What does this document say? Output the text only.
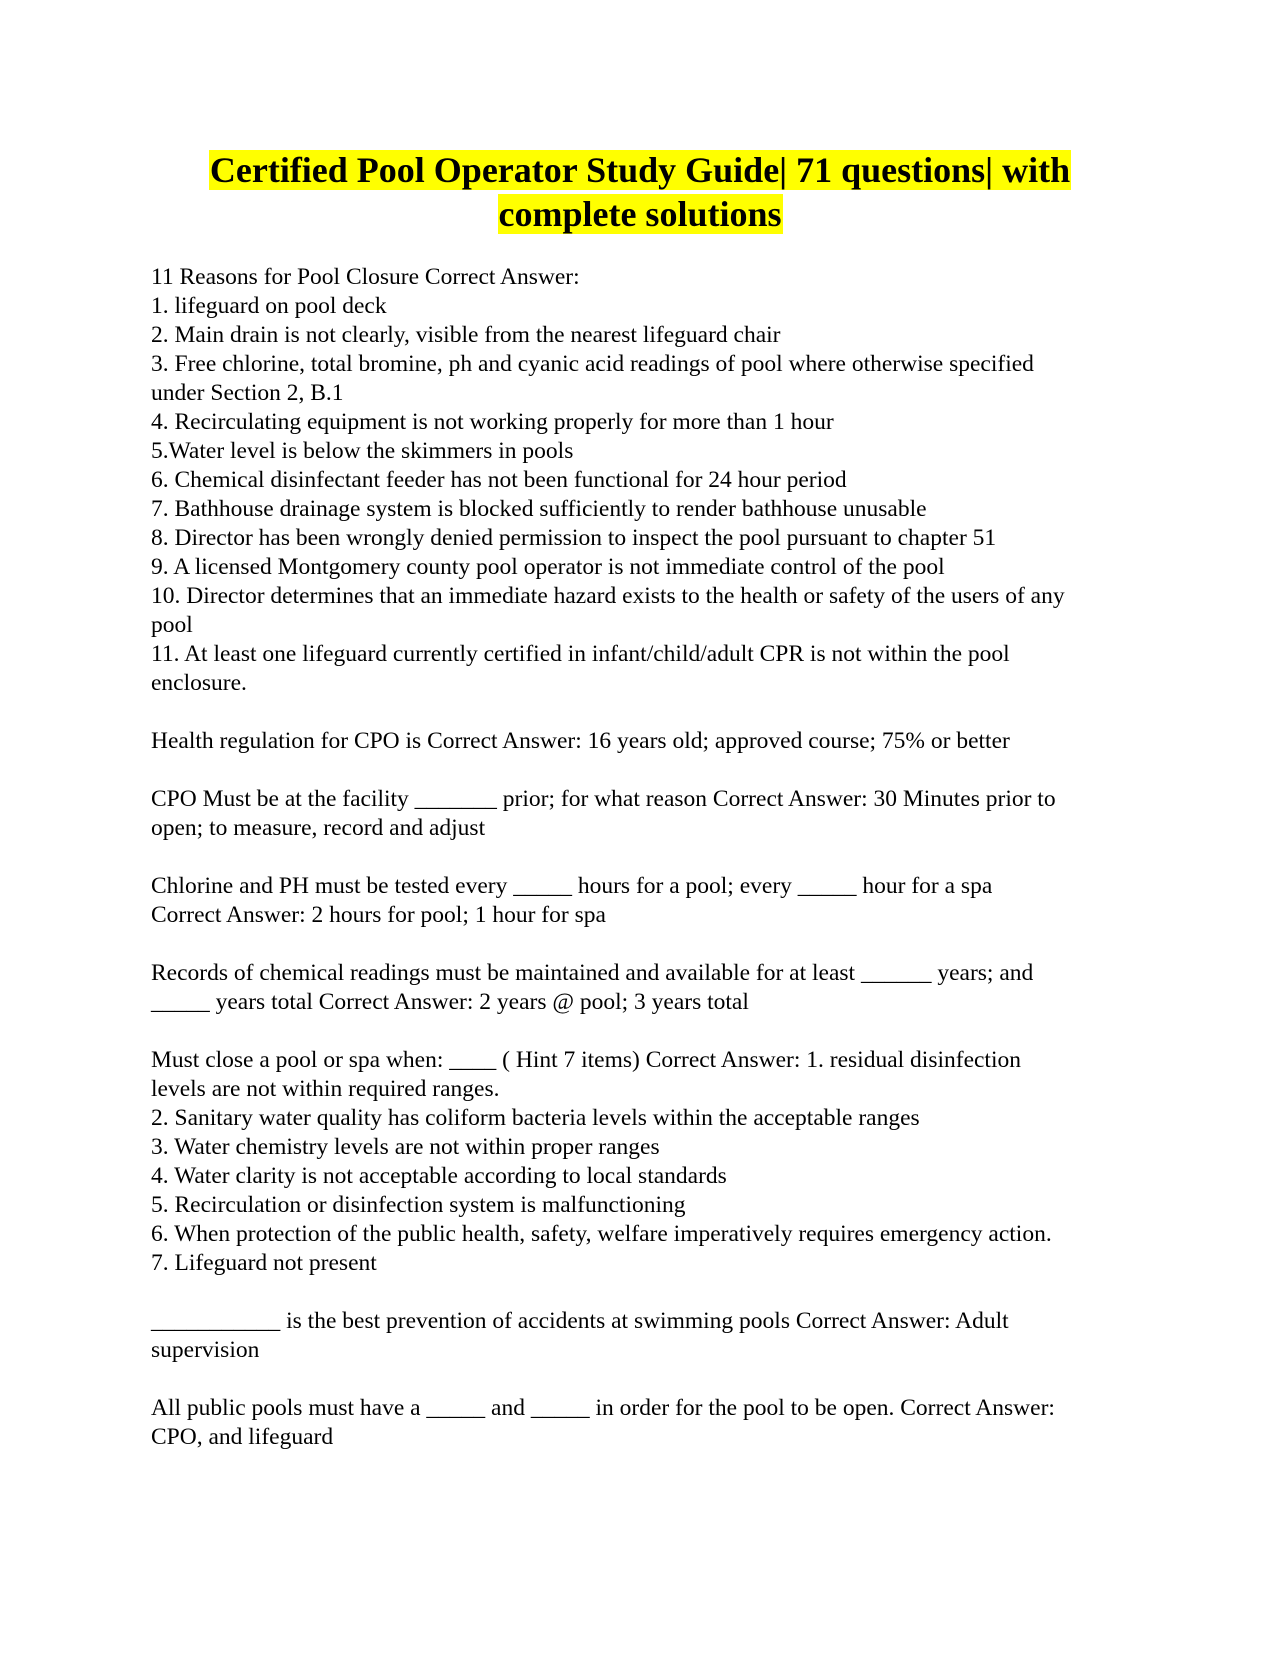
Certified Pool Operator Study Guide| 71 questions| with
complete solutions
11 Reasons for Pool Closure Correct Answer:
1. lifeguard on pool deck
2. Main drain is not clearly, visible from the nearest lifeguard chair
3. Free chlorine, total bromine, ph and cyanic acid readings of pool where otherwise specified
under Section 2, B.1
4. Recirculating equipment is not working properly for more than 1 hour
5.Water level is below the skimmers in pools
6. Chemical disinfectant feeder has not been functional for 24 hour period
7. Bathhouse drainage system is blocked sufficiently to render bathhouse unusable
8. Director has been wrongly denied permission to inspect the pool pursuant to chapter 51
9. A licensed Montgomery county pool operator is not immediate control of the pool
10. Director determines that an immediate hazard exists to the health or safety of the users of any
pool
11. At least one lifeguard currently certified in infant/child/adult CPR is not within the pool
enclosure.
Health regulation for CPO is Correct Answer: 16 years old; approved course; 75% or better
CPO Must be at the facility _______ prior; for what reason Correct Answer: 30 Minutes prior to
open; to measure, record and adjust
Chlorine and PH must be tested every _____ hours for a pool; every _____ hour for a spa
Correct Answer: 2 hours for pool; 1 hour for spa
Records of chemical readings must be maintained and available for at least ______ years; and
_____ years total Correct Answer: 2 years @ pool; 3 years total
Must close a pool or spa when: ____ ( Hint 7 items) Correct Answer: 1. residual disinfection
levels are not within required ranges.
2. Sanitary water quality has coliform bacteria levels within the acceptable ranges
3. Water chemistry levels are not within proper ranges
4. Water clarity is not acceptable according to local standards
5. Recirculation or disinfection system is malfunctioning
6. When protection of the public health, safety, welfare imperatively requires emergency action.
7. Lifeguard not present
___________ is the best prevention of accidents at swimming pools Correct Answer: Adult
supervision
All public pools must have a _____ and _____ in order for the pool to be open. Correct Answer:
CPO, and lifeguard
